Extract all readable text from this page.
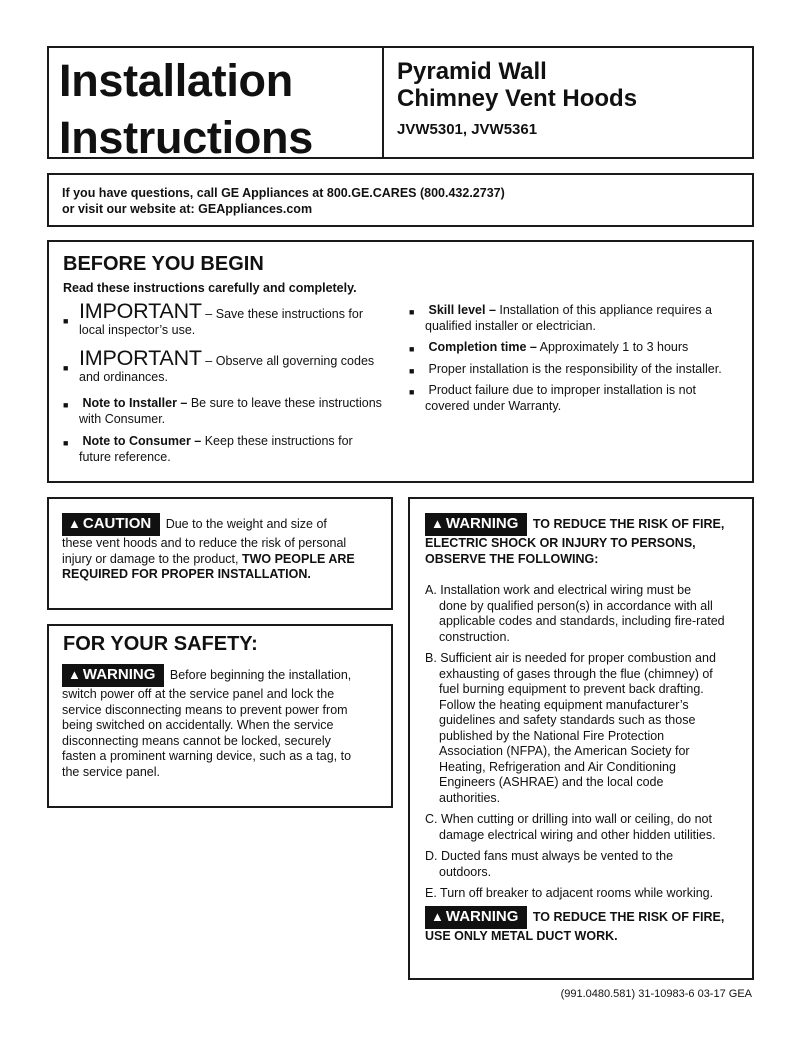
Installation
Instructions
Pyramid Wall
Chimney Vent Hoods
JVW5301, JVW5361
If you have questions, call GE Appliances at 800.GE.CARES (800.432.2737)
or visit our website at: GEAppliances.com
BEFORE YOU BEGIN
Read these instructions carefully and completely.
■ IMPORTANT – Save these instructions for
local inspector’s use.
■ IMPORTANT – Observe all governing codes
and ordinances.
■ Note to Installer – Be sure to leave these instructions
with Consumer.
■ Note to Consumer – Keep these instructions for
future reference.
■ Skill level – Installation of this appliance requires a
qualified installer or electrician.
■ Completion time – Approximately 1 to 3 hours
■ Proper installation is the responsibility of the installer.
■ Product failure due to improper installation is not
covered under Warranty.
▲ CAUTION Due to the weight and size of
these vent hoods and to reduce the risk of personal
injury or damage to the product, TWO PEOPLE ARE
REQUIRED FOR PROPER INSTALLATION.
FOR YOUR SAFETY:
▲ WARNING Before beginning the installation,
switch power off at the service panel and lock the
service disconnecting means to prevent power from
being switched on accidentally. When the service
disconnecting means cannot be locked, securely
fasten a prominent warning device, such as a tag, to
the service panel.
▲ WARNING TO REDUCE THE RISK OF FIRE,
ELECTRIC SHOCK OR INJURY TO PERSONS,
OBSERVE THE FOLLOWING:
A. Installation work and electrical wiring must be
done by qualified person(s) in accordance with all
applicable codes and standards, including fire-rated
construction.
B. Sufficient air is needed for proper combustion and
exhausting of gases through the flue (chimney) of
fuel burning equipment to prevent back drafting.
Follow the heating equipment manufacturer’s
guidelines and safety standards such as those
published by the National Fire Protection
Association (NFPA), the American Society for
Heating, Refrigeration and Air Conditioning
Engineers (ASHRAE) and the local code
authorities.
C. When cutting or drilling into wall or ceiling, do not
damage electrical wiring and other hidden utilities.
D. Ducted fans must always be vented to the
outdoors.
E. Turn off breaker to adjacent rooms while working.
▲ WARNING TO REDUCE THE RISK OF FIRE,
USE ONLY METAL DUCT WORK.
(991.0480.581) 31-10983-6 03-17 GEA
